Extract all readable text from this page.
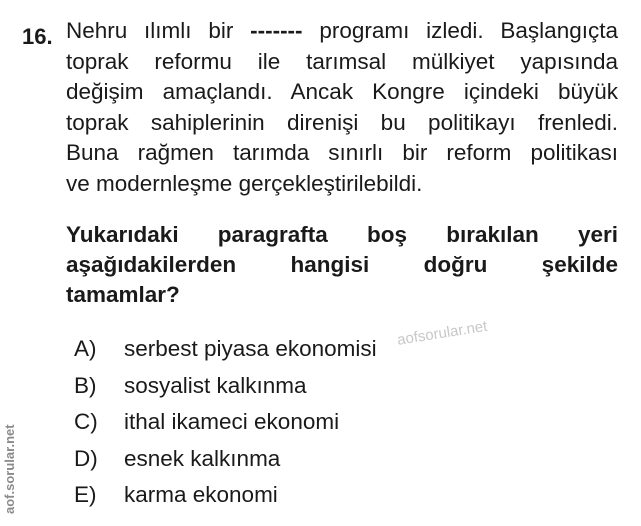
16. Nehru ılımlı bir ------- programı izledi. Başlangıçta
toprak reformu ile tarımsal mülkiyet yapısında
değişim amaçlandı. Ancak Kongre içindeki büyük
toprak sahiplerinin direnişi bu politikayı frenledi.
Buna rağmen tarımda sınırlı bir reform politikası
ve modernleşme gerçekleştirilebildi.
Yukarıdaki paragrafta boş bırakılan yeri
aşağıdakilerden hangisi doğru şekilde
tamamlar?
A)	serbest piyasa ekonomisi
B)	sosyalist kalkınma
C)	ithal ikameci ekonomi
D)	esnek kalkınma
E)	karma ekonomi
aofsorular.net
aof.sorular.net
